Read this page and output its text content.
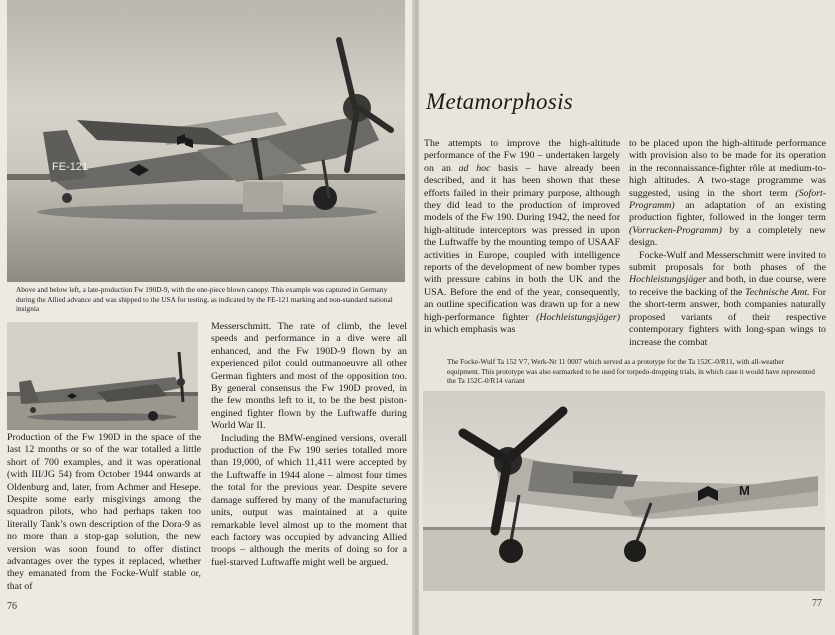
FE-121
Above and below left, a late-production Fw 190D-9, with the one-piece blown canopy. This example was captured in Germany during the Allied advance and was shipped to the USA for testing, as indicated by the FE-121 marking and non-standard national insignia

Production of the Fw 190D in the space of the last 12 months or so of the war totalled a little short of 700 examples, and it was operational (with III/JG 54) from October 1944 onwards at Oldenburg and, later, from Achmer and Hesepe. Despite some early misgivings among the squadron pilots, who had perhaps taken too literally Tank’s own description of the Dora-9 as no more than a stop-gap solution, the new version was soon found to offer distinct advantages over the types it replaced, whether they emanated from the Focke-Wulf stable or, that of

Messerschmitt. The rate of climb, the level speeds and performance in a dive were all enhanced, and the Fw 190D-9 flown by an experienced pilot could outmanoeuvre all other German fighters and most of the opposition too. By general consensus the Fw 190D proved, in the few months left to it, to be the best piston-engined fighter flown by the Luftwaffe during World War II.

Including the BMW-engined versions, overall production of the Fw 190 series totalled more than 19,000, of which 11,411 were accepted by the Luftwaffe in 1944 alone – almost four times the total for the previous year. Despite severe damage suffered by many of the manufacturing units, output was maintained at a quite remarkable level almost up to the moment that each factory was occupied by advancing Allied troops – although the merits of doing so for a fuel-starved Luftwaffe might well be argued.

76
Metamorphosis

The attempts to improve the high-altitude performance of the Fw 190 – undertaken largely on an ad hoc basis – have already been described, and it has been shown that these efforts failed in their primary purpose, although they did lead to the production of improved models of the Fw 190. During 1942, the need for high-altitude interceptors was pressed in upon the Luftwaffe by the mounting tempo of USAAF activities in Europe, coupled with intelligence reports of the development of new bomber types with pressure cabins in both the UK and the USA. Before the end of the year, consequently, an outline specification was drawn up for a new high-performance fighter (Hochleistungsjäger) in which emphasis was

to be placed upon the high-altitude performance with provision also to be made for its operation in the reconnaissance-fighter rôle at medium-to-high altitudes. A two-stage programme was suggested, using in the short term (Sofort-Programm) an adaptation of an existing production fighter, followed in the longer term (Vorrucken-Programm) by a completely new design.

Focke-Wulf and Messerschmitt were invited to submit proposals for both phases of the Hochleistungsjäger and both, in due course, were to receive the backing of the Technische Amt. For the short-term answer, both companies naturally proposed variants of their respective contemporary fighters with long-span wings to increase the combat

The Focke-Wulf Ta 152 V7, Werk-Nr 11 0007 which served as a prototype for the Ta 152C-0/R11, with all-weather equipment. This prototype was also earmarked to be used for torpedo-dropping trials, in which case it would have represented the Ta 152C-0/R14 variant
M
77
